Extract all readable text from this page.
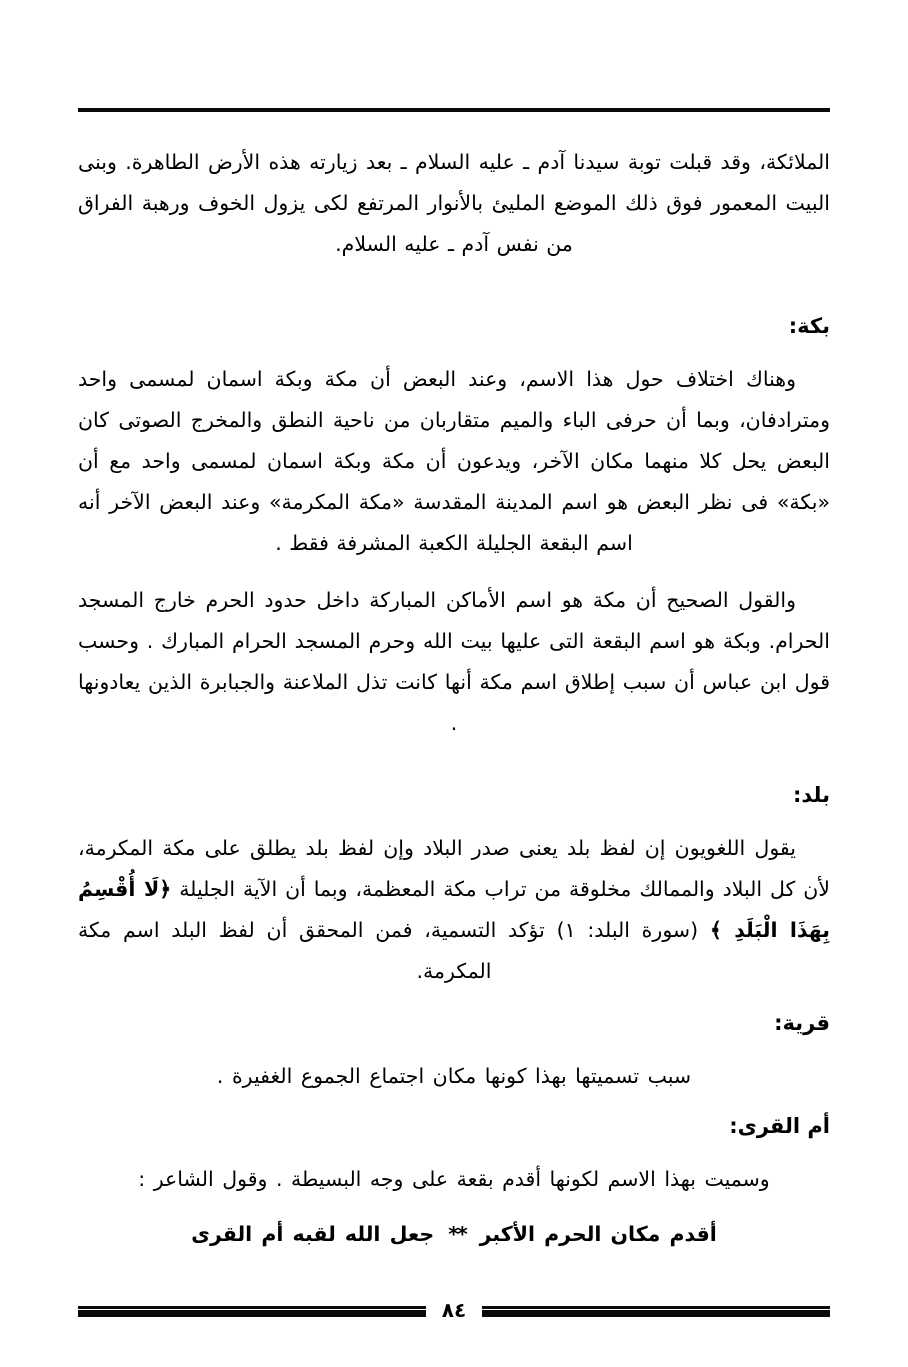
الملائكة، وقد قبلت توبة سيدنا آدم ـ عليه السلام ـ بعد زيارته هذه الأرض الطاهرة. وبنى البيت المعمور فوق ذلك الموضع المليئ بالأنوار المرتفع لكى يزول الخوف ورهبة الفراق من نفس آدم ـ عليه السلام.

بكة:

وهناك اختلاف حول هذا الاسم، وعند البعض أن مكة وبكة اسمان لمسمى واحد ومترادفان، وبما أن حرفى الباء والميم متقاربان من ناحية النطق والمخرج الصوتى كان البعض يحل كلا منهما مكان الآخر، ويدعون أن مكة وبكة اسمان لمسمى واحد مع أن «بكة» فى نظر البعض هو اسم المدينة المقدسة «مكة المكرمة» وعند البعض الآخر أنه اسم البقعة الجليلة الكعبة المشرفة فقط .

والقول الصحيح أن مكة هو اسم الأماكن المباركة داخل حدود الحرم خارج المسجد الحرام. وبكة هو اسم البقعة التى عليها بيت الله وحرم المسجد الحرام المبارك . وحسب قول ابن عباس أن سبب إطلاق اسم مكة أنها كانت تذل الملاعنة والجبابرة الذين يعادونها .

بلد:

يقول اللغويون إن لفظ بلد يعنى صدر البلاد وإن لفظ بلد يطلق على مكة المكرمة، لأن كل البلاد والممالك مخلوقة من تراب مكة المعظمة، وبما أن الآية الجليلة ﴿لَا أُقْسِمُ بِهَذَا الْبَلَدِ ﴾ (سورة البلد: ١) تؤكد التسمية، فمن المحقق أن لفظ البلد اسم مكة المكرمة.

قرية:

سبب تسميتها بهذا كونها مكان اجتماع الجموع الغفيرة .

أم القرى:

وسميت بهذا الاسم لكونها أقدم بقعة على وجه البسيطة . وقول الشاعر :

أقدم مكان الحرم الأكبر**جعل الله لقبه أم القرى

٨٤
